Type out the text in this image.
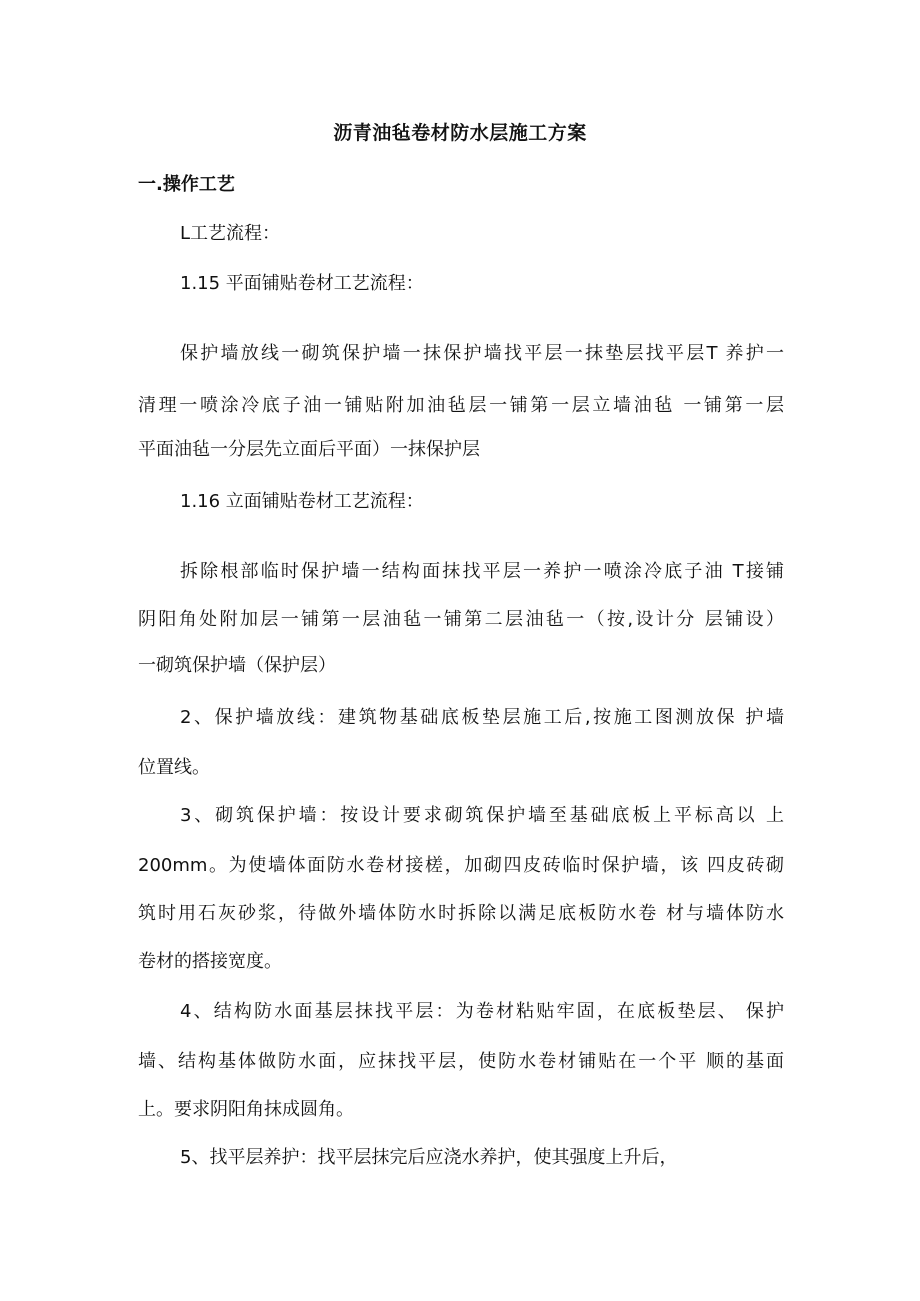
沥青油毡卷材防水层施工方案
一.操作工艺
L工艺流程：
1.15 平面铺贴卷材工艺流程：
保护墙放线一砌筑保护墙一抹保护墙找平层一抹垫层找平层T 养护一
清理一喷涂冷底子油一铺贴附加油毡层一铺第一层立墙油毡 一铺第一层
平面油毡一分层先立面后平面）一抹保护层
1.16 立面铺贴卷材工艺流程：
拆除根部临时保护墙一结构面抹找平层一养护一喷涂冷底子油 T接铺
阴阳角处附加层一铺第一层油毡一铺第二层油毡一（按,设计分 层铺设）
一砌筑保护墙（保护层）
2、保护墙放线：建筑物基础底板垫层施工后,按施工图测放保 护墙
位置线。
3、砌筑保护墙：按设计要求砌筑保护墙至基础底板上平标高以 上
200mm。为使墙体面防水卷材接槎，加砌四皮砖临时保护墙，该 四皮砖砌
筑时用石灰砂浆，待做外墙体防水时拆除以满足底板防水卷 材与墙体防水
卷材的搭接宽度。
4、结构防水面基层抹找平层：为卷材粘贴牢固，在底板垫层、 保护
墙、结构基体做防水面，应抹找平层，使防水卷材铺贴在一个平 顺的基面
上。要求阴阳角抹成圆角。
5、找平层养护：找平层抹完后应浇水养护，使其强度上升后，
